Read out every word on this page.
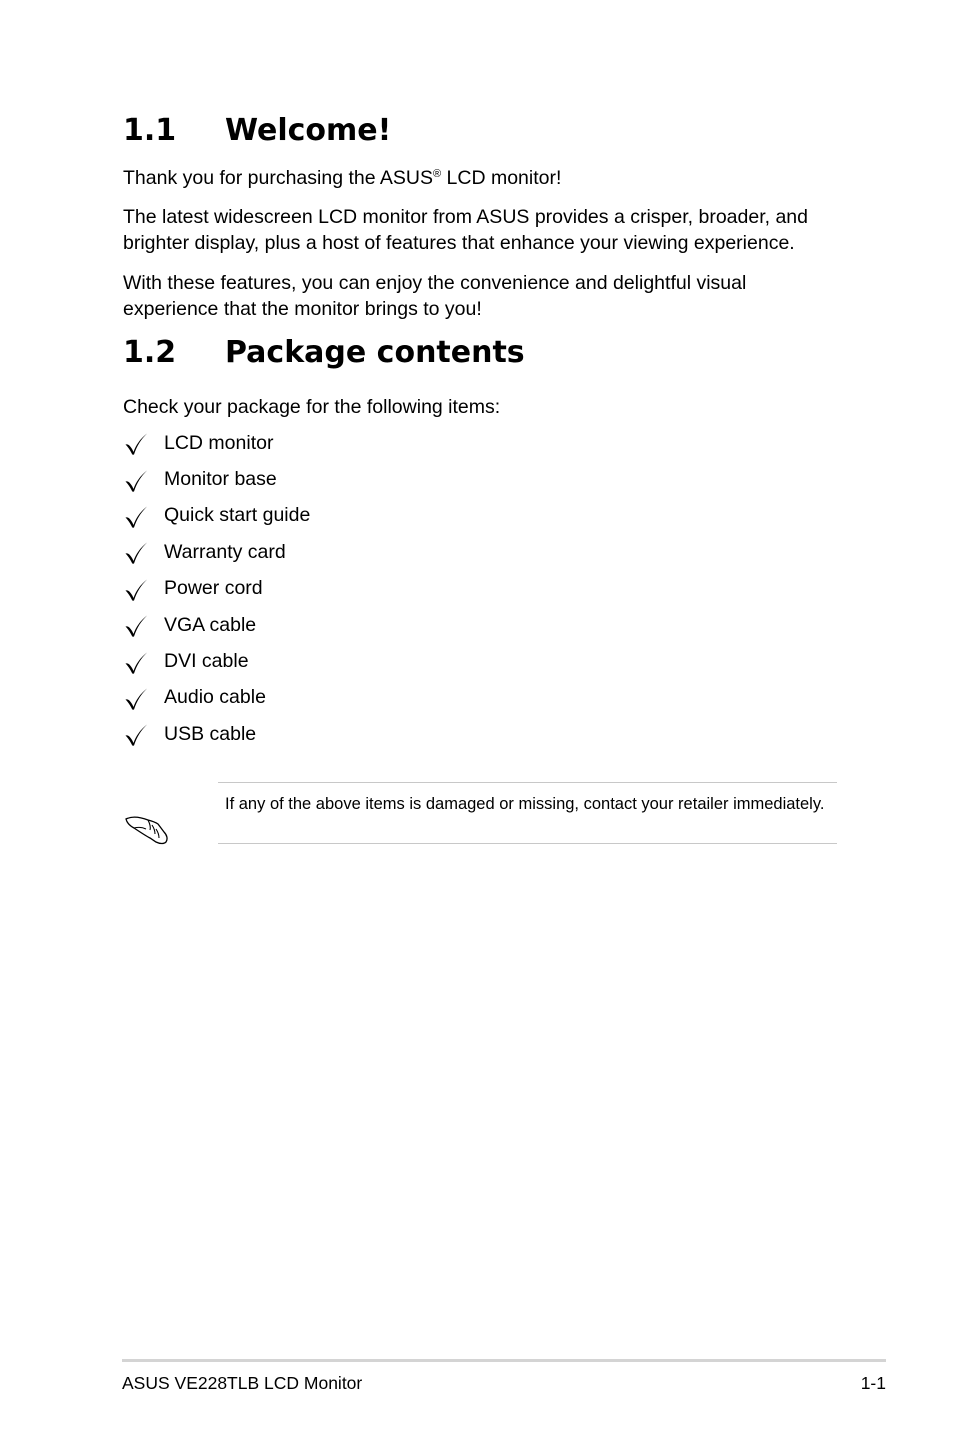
1.1 Welcome!

Thank you for purchasing the ASUS® LCD monitor!

The latest widescreen LCD monitor from ASUS provides a crisper, broader, and brighter display, plus a host of features that enhance your viewing experience.

With these features, you can enjoy the convenience and delightful visual experience that the monitor brings to you!

1.2 Package contents

Check your package for the following items:

LCD monitor
Monitor base
Quick start guide
Warranty card
Power cord
VGA cable
DVI cable
Audio cable
USB cable

If any of the above items is damaged or missing, contact your retailer immediately.

ASUS VE228TLB LCD Monitor	1-1
